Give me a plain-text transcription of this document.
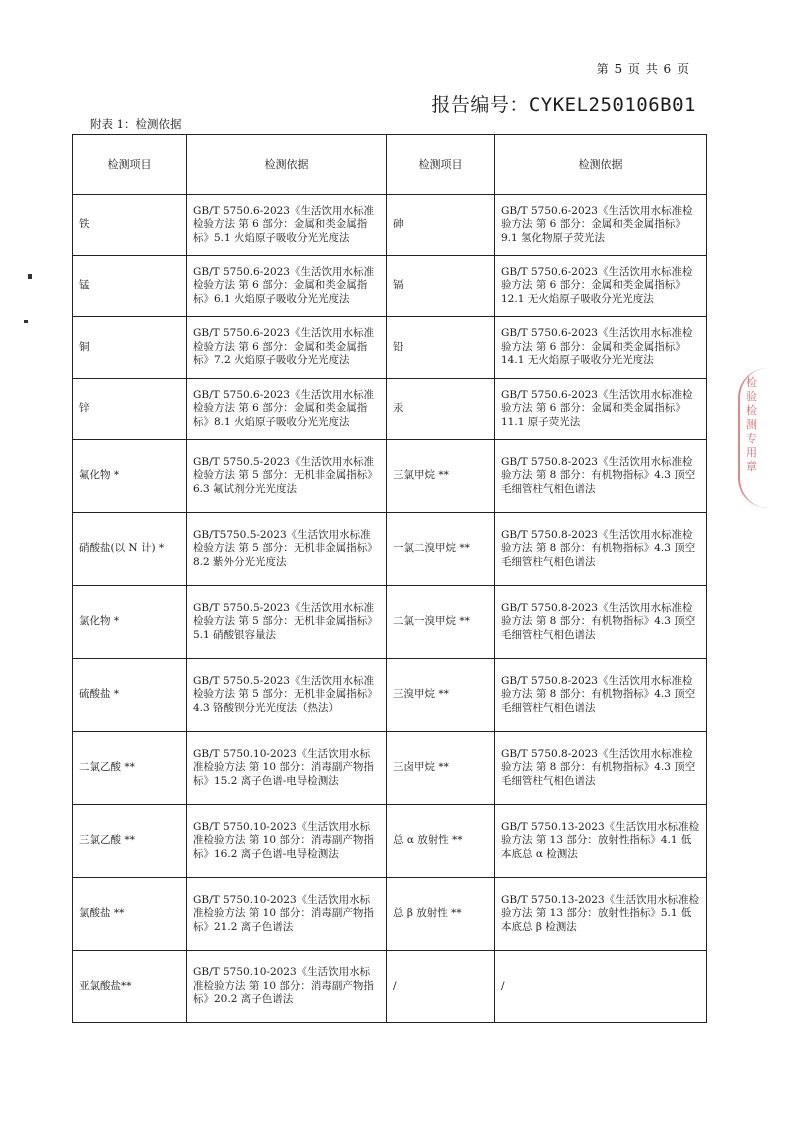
第 5 页 共 6 页
报告编号：CYKEL250106B01
附表 1：检测依据
检测项目	检测依据	检测项目	检测依据
铁	GB/T 5750.6-2023《生活饮用水标准检验方法 第 6 部分：金属和类金属指标》5.1 火焰原子吸收分光光度法	砷	GB/T 5750.6-2023《生活饮用水标准检验方法 第 6 部分：金属和类金属指标》9.1 氢化物原子荧光法
锰	GB/T 5750.6-2023《生活饮用水标准检验方法 第 6 部分：金属和类金属指标》6.1 火焰原子吸收分光光度法	镉	GB/T 5750.6-2023《生活饮用水标准检验方法 第 6 部分：金属和类金属指标》 12.1 无火焰原子吸收分光光度法
铜	GB/T 5750.6-2023《生活饮用水标准检验方法 第 6 部分：金属和类金属指标》7.2 火焰原子吸收分光光度法	铅	GB/T 5750.6-2023《生活饮用水标准检验方法 第 6 部分：金属和类金属指标》14.1 无火焰原子吸收分光光度法
锌	GB/T 5750.6-2023《生活饮用水标准检验方法 第 6 部分：金属和类金属指标》8.1 火焰原子吸收分光光度法	汞	GB/T 5750.6-2023《生活饮用水标准检验方法 第 6 部分：金属和类金属指标》11.1 原子荧光法
氟化物 *	GB/T 5750.5-2023《生活饮用水标准检验方法 第 5 部分：无机非金属指标》6.3 氟试剂分光光度法	三氯甲烷 **	GB/T 5750.8-2023《生活饮用水标准检验方法 第 8 部分：有机物指标》4.3 顶空毛细管柱气相色谱法
硝酸盐(以 N 计) *	GB/T5750.5-2023《生活饮用水标准检验方法 第 5 部分：无机非金属指标》8.2 紫外分光光度法	一氯二溴甲烷 **	GB/T 5750.8-2023《生活饮用水标准检验方法 第 8 部分：有机物指标》4.3 顶空毛细管柱气相色谱法
氯化物 *	GB/T 5750.5-2023《生活饮用水标准检验方法 第 5 部分：无机非金属指标》5.1 硝酸银容量法	二氯一溴甲烷 **	GB/T 5750.8-2023《生活饮用水标准检验方法 第 8 部分：有机物指标》4.3 顶空毛细管柱气相色谱法
硫酸盐 *	GB/T 5750.5-2023《生活饮用水标准检验方法 第 5 部分：无机非金属指标》4.3 铬酸钡分光光度法（热法）	三溴甲烷 **	GB/T 5750.8-2023《生活饮用水标准检验方法 第 8 部分：有机物指标》4.3 顶空毛细管柱气相色谱法
二氯乙酸 **	GB/T 5750.10-2023《生活饮用水标准检验方法 第 10 部分：消毒副产物指标》15.2 离子色谱-电导检测法	三卤甲烷 **	GB/T 5750.8-2023《生活饮用水标准检验方法 第 8 部分：有机物指标》4.3 顶空毛细管柱气相色谱法
三氯乙酸 **	GB/T 5750.10-2023《生活饮用水标准检验方法 第 10 部分：消毒副产物指标》16.2 离子色谱-电导检测法	总 α 放射性 **	GB/T 5750.13-2023《生活饮用水标准检验方法 第 13 部分：放射性指标》4.1 低本底总 α 检测法
氯酸盐 **	GB/T 5750.10-2023《生活饮用水标准检验方法 第 10 部分：消毒副产物指标》21.2 离子色谱法	总 β 放射性 **	GB/T 5750.13-2023《生活饮用水标准检验方法 第 13 部分：放射性指标》5.1 低本底总 β 检测法
亚氯酸盐**	GB/T 5750.10-2023《生活饮用水标准检验方法 第 10 部分：消毒副产物指标》20.2 离子色谱法	/	/
检验检测专用章
